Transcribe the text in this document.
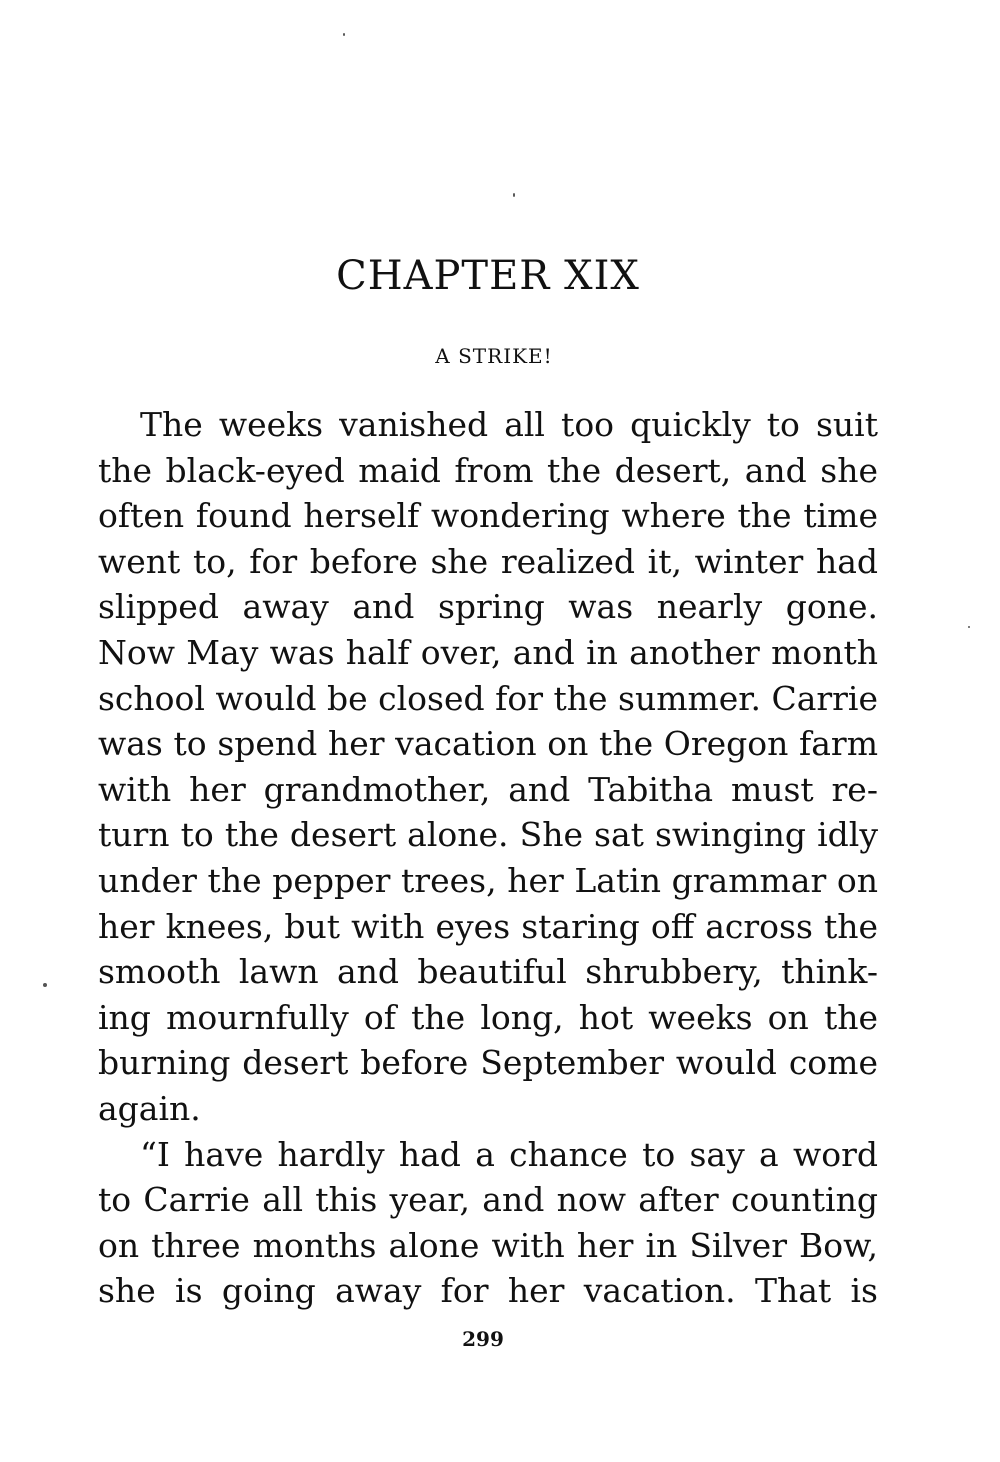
CHAPTER XIX
A STRIKE!
The weeks vanished all too quickly to suit
the black-eyed maid from the desert, and she
often found herself wondering where the time
went to, for before she realized it, winter had
slipped away and spring was nearly gone.
Now May was half over, and in another month
school would be closed for the summer. Carrie
was to spend her vacation on the Oregon farm
with her grandmother, and Tabitha must re-
turn to the desert alone. She sat swinging idly
under the pepper trees, her Latin grammar on
her knees, but with eyes staring off across the
smooth lawn and beautiful shrubbery, think-
ing mournfully of the long, hot weeks on the
burning desert before September would come
again.
“I have hardly had a chance to say a word
to Carrie all this year, and now after counting
on three months alone with her in Silver Bow,
she is going away for her vacation. That is
299
